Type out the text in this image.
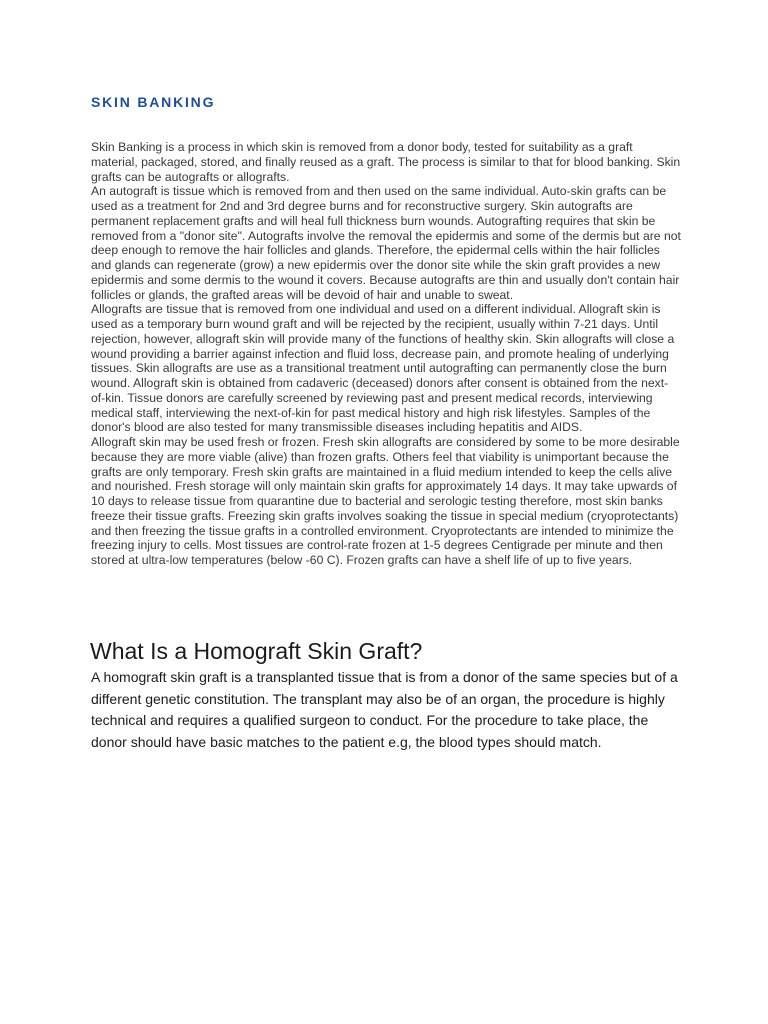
SKIN BANKING

Skin Banking is a process in which skin is removed from a donor body, tested for suitability as a graft material, packaged, stored, and finally reused as a graft. The process is similar to that for blood banking. Skin grafts can be autografts or allografts.

An autograft is tissue which is removed from and then used on the same individual. Auto-skin grafts can be used as a treatment for 2nd and 3rd degree burns and for reconstructive surgery. Skin autografts are permanent replacement grafts and will heal full thickness burn wounds. Autografting requires that skin be removed from a "donor site". Autografts involve the removal the epidermis and some of the dermis but are not deep enough to remove the hair follicles and glands. Therefore, the epidermal cells within the hair follicles and glands can regenerate (grow) a new epidermis over the donor site while the skin graft provides a new epidermis and some dermis to the wound it covers. Because autografts are thin and usually don't contain hair follicles or glands, the grafted areas will be devoid of hair and unable to sweat.

Allografts are tissue that is removed from one individual and used on a different individual. Allograft skin is used as a temporary burn wound graft and will be rejected by the recipient, usually within 7-21 days. Until rejection, however, allograft skin will provide many of the functions of healthy skin. Skin allografts will close a wound providing a barrier against infection and fluid loss, decrease pain, and promote healing of underlying tissues. Skin allografts are use as a transitional treatment until autografting can permanently close the burn wound. Allograft skin is obtained from cadaveric (deceased) donors after consent is obtained from the next-of-kin. Tissue donors are carefully screened by reviewing past and present medical records, interviewing medical staff, interviewing the next-of-kin for past medical history and high risk lifestyles. Samples of the donor's blood are also tested for many transmissible diseases including hepatitis and AIDS.

Allograft skin may be used fresh or frozen. Fresh skin allografts are considered by some to be more desirable because they are more viable (alive) than frozen grafts. Others feel that viability is unimportant because the grafts are only temporary. Fresh skin grafts are maintained in a fluid medium intended to keep the cells alive and nourished. Fresh storage will only maintain skin grafts for approximately 14 days. It may take upwards of 10 days to release tissue from quarantine due to bacterial and serologic testing therefore, most skin banks freeze their tissue grafts. Freezing skin grafts involves soaking the tissue in special medium (cryoprotectants) and then freezing the tissue grafts in a controlled environment. Cryoprotectants are intended to minimize the freezing injury to cells. Most tissues are control-rate frozen at 1-5 degrees Centigrade per minute and then stored at ultra-low temperatures (below -60 C). Frozen grafts can have a shelf life of up to five years.

What Is a Homograft Skin Graft?

A homograft skin graft is a transplanted tissue that is from a donor of the same species but of a different genetic constitution. The transplant may also be of an organ, the procedure is highly technical and requires a qualified surgeon to conduct. For the procedure to take place, the donor should have basic matches to the patient e.g, the blood types should match.
